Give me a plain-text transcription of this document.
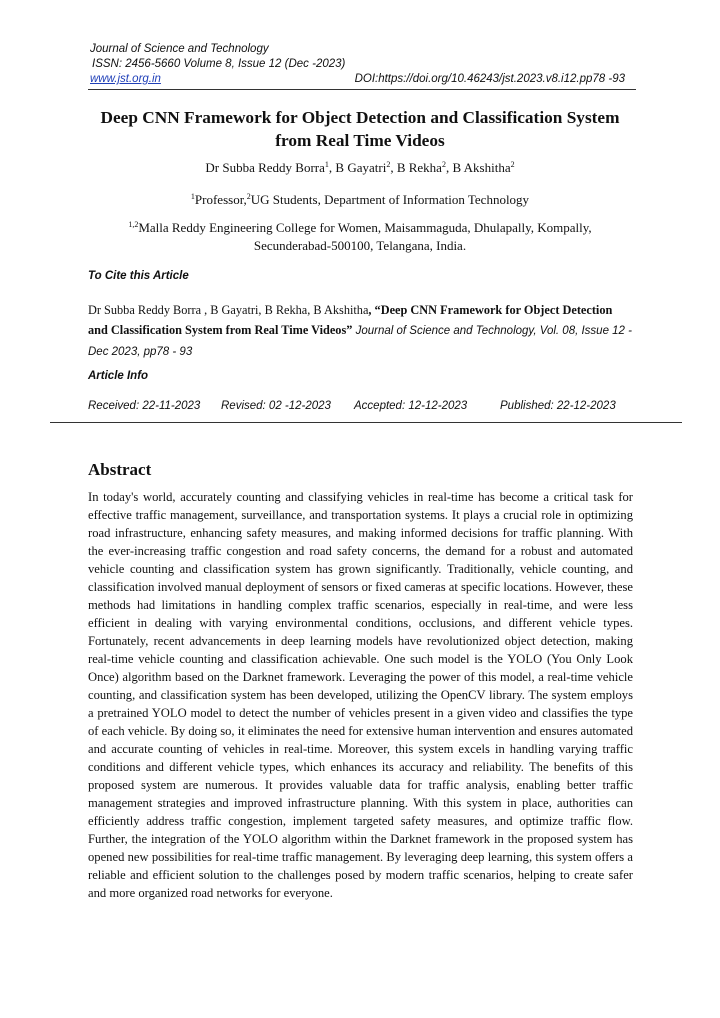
Journal of Science and Technology
ISSN: 2456-5660 Volume 8, Issue 12 (Dec -2023)
www.jst.org.in	DOI:https://doi.org/10.46243/jst.2023.v8.i12.pp78 -93
Deep CNN Framework for Object Detection and Classification System
from Real Time Videos
Dr Subba Reddy Borra$^1$, B Gayatri$^2$, B Rekha$^2$, B Akshitha$^2$
$^1$Professor,$^2$UG Students, Department of Information Technology
$^{1,2}$Malla Reddy Engineering College for Women, Maisammaguda, Dhulapally, Kompally,
Secunderabad-500100, Telangana, India.
To Cite this Article
Dr Subba Reddy Borra , B Gayatri, B Rekha, B Akshitha, “Deep CNN Framework for Object Detection and Classification System from Real Time Videos” Journal of Science and Technology, Vol. 08, Issue 12 - Dec 2023, pp78 - 93
Article Info
Received: 22-11-2023 Revised: 02 -12-2023 Accepted: 12-12-2023	Published: 22-12-2023
Abstract
In today's world, accurately counting and classifying vehicles in real-time has become a critical task for effective traffic management, surveillance, and transportation systems. It plays a crucial role in optimizing road infrastructure, enhancing safety measures, and making informed decisions for traffic planning. With the ever-increasing traffic congestion and road safety concerns, the demand for a robust and automated vehicle counting and classification system has grown significantly. Traditionally, vehicle counting, and classification involved manual deployment of sensors or fixed cameras at specific locations. However, these methods had limitations in handling complex traffic scenarios, especially in real-time, and were less efficient in dealing with varying environmental conditions, occlusions, and different vehicle types. Fortunately, recent advancements in deep learning models have revolutionized object detection, making real-time vehicle counting and classification achievable. One such model is the YOLO (You Only Look Once) algorithm based on the Darknet framework. Leveraging the power of this model, a real-time vehicle counting, and classification system has been developed, utilizing the OpenCV library. The system employs a pretrained YOLO model to detect the number of vehicles present in a given video and classifies the type of each vehicle. By doing so, it eliminates the need for extensive human intervention and ensures automated and accurate counting of vehicles in real-time. Moreover, this system excels in handling varying traffic conditions and different vehicle types, which enhances its accuracy and reliability. The benefits of this proposed system are numerous. It provides valuable data for traffic analysis, enabling better traffic management strategies and improved infrastructure planning. With this system in place, authorities can efficiently address traffic congestion, implement targeted safety measures, and optimize traffic flow. Further, the integration of the YOLO algorithm within the Darknet framework in the proposed system has opened new possibilities for real-time traffic management. By leveraging deep learning, this system offers a reliable and efficient solution to the challenges posed by modern traffic scenarios, helping to create safer and more organized road networks for everyone.
